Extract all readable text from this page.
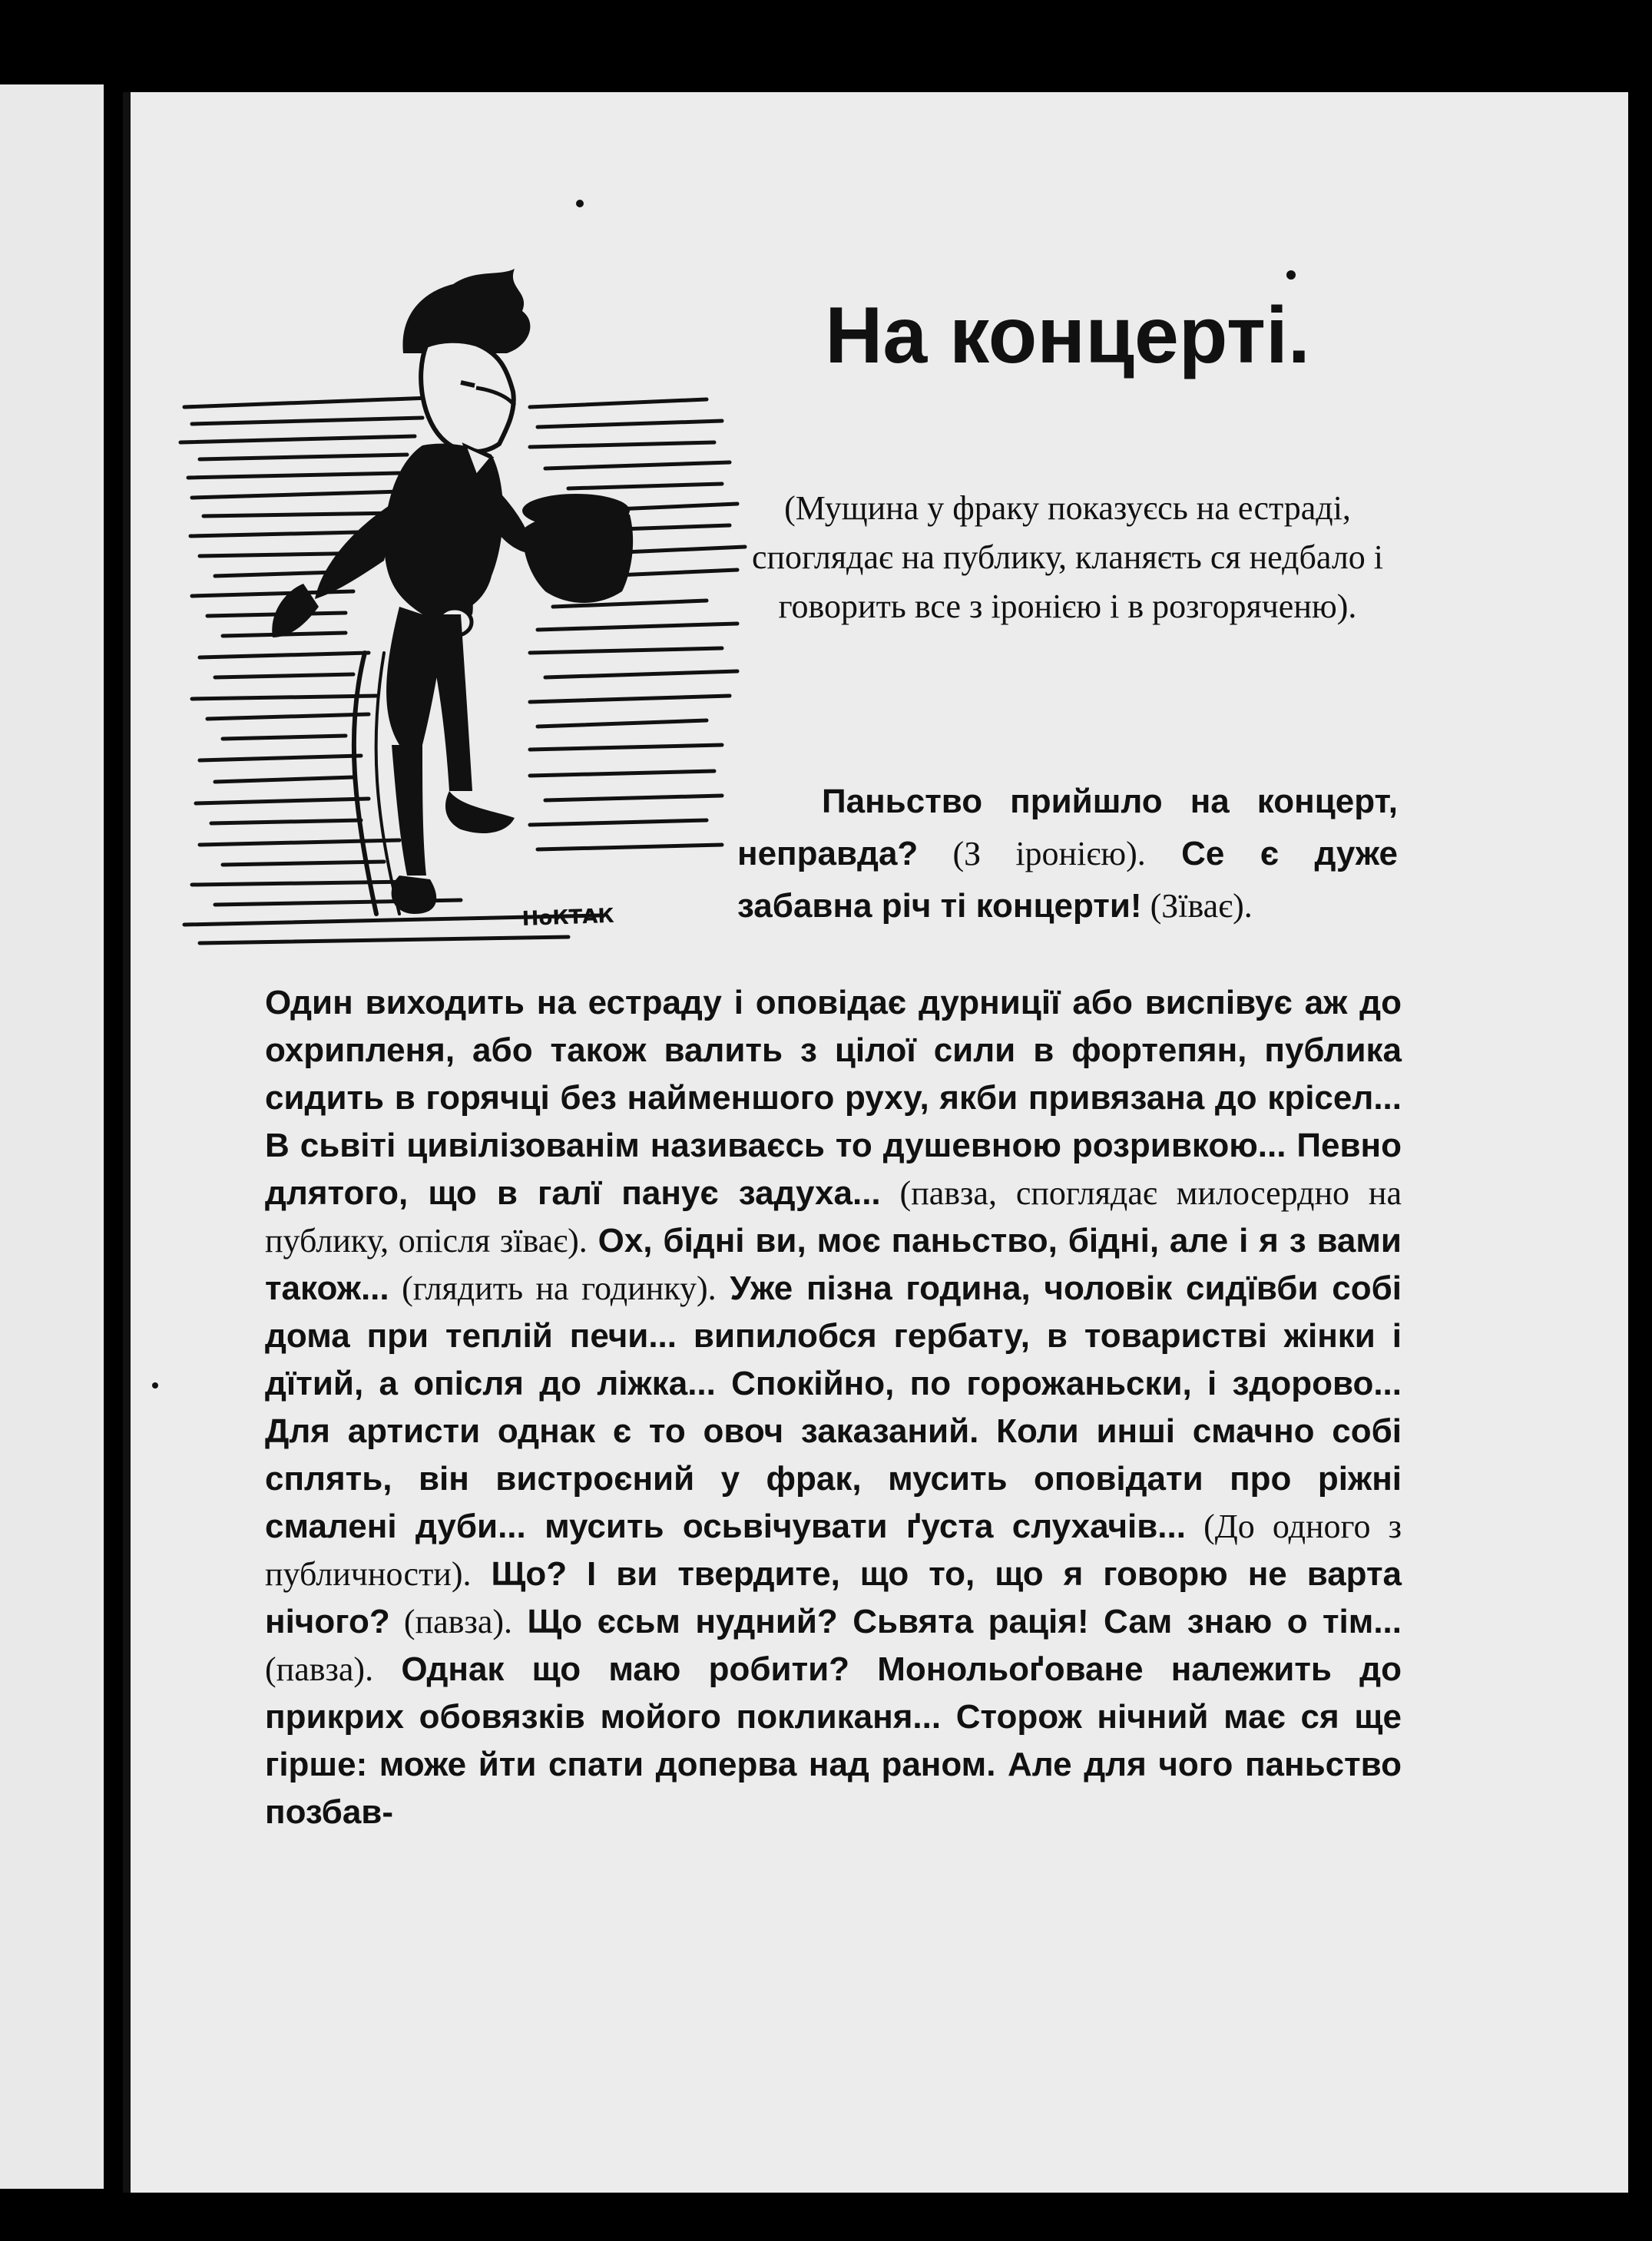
НоКТАК
На концерті.
(Мущина у фраку показуєсь на естраді, споглядає на публику, кланяєть ся недбало і говорить все з іронією і в розгоряченю).
Паньство прийшло на концерт, неправда? (З іронією). Се є дуже забавна річ ті концерти! (Зїває).
Один виходить на естраду і оповідає дурниції або виспівує аж до охрипленя, або також валить з цілої сили в фортепян, публика сидить в горячці без найменшого руху, якби привязана до крісел... В сьвіті цивілізованім називаєсь то душевною розривкою... Певно длятого, що в галї панує задуха... (павза, споглядає милосердно на публику, опісля зїває). Ох, бідні ви, моє паньство, бідні, але і я з вами також... (глядить на годинку). Уже пізна година, чоловік сидївби собі дома при теплій печи... випилобся гербату, в товаристві жінки і дїтий, а опісля до ліжка... Спокійно, по горожаньски, і здорово... Для артисти однак є то овоч заказаний. Коли инші смачно собі сплять, він вистроєний у фрак, мусить оповідати про ріжні смалені дуби... мусить осьвічувати ґуста слухачів... (До одного з публичности). Що? І ви твердите, що то, що я говорю не варта нічого? (павза). Що єсьм нудний? Сьвята рація! Сам знаю о тім... (павза). Однак що маю робити? Монольоґоване належить до прикрих обовязків мойого покликаня... Сторож нічний має ся ще гірше: може йти спати доперва над раном. Але для чого паньство позбав-
